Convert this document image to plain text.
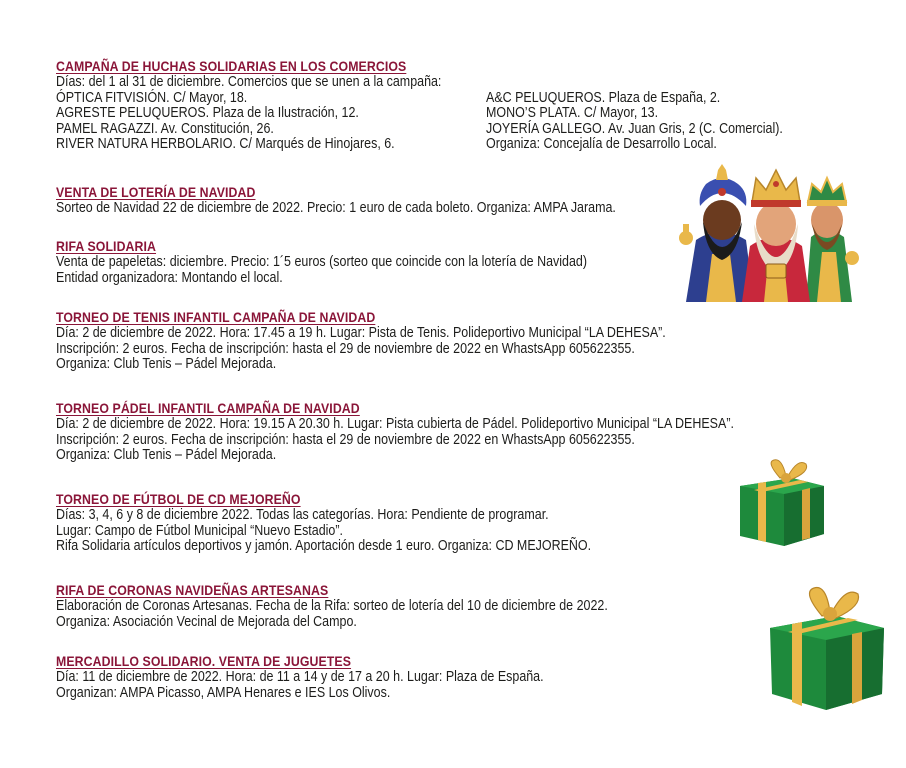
CAMPAÑA DE HUCHAS SOLIDARIAS EN LOS COMERCIOS
Días: del 1 al 31 de diciembre. Comercios que se unen a la campaña:
ÓPTICA FITVISIÓN. C/ Mayor, 18.
AGRESTE PELUQUEROS. Plaza de la Ilustración, 12.
PAMEL RAGAZZI. Av. Constitución, 26.
RIVER NATURA HERBOLARIO. C/ Marqués de Hinojares, 6.
A&C PELUQUEROS. Plaza de España, 2.
MONO’S PLATA. C/ Mayor, 13.
JOYERÍA GALLEGO. Av. Juan Gris, 2 (C. Comercial).
Organiza: Concejalía de Desarrollo Local.
VENTA DE LOTERÍA DE NAVIDAD
Sorteo de Navidad 22 de diciembre de 2022. Precio: 1 euro de cada boleto. Organiza: AMPA Jarama.
RIFA SOLIDARIA
Venta de papeletas: diciembre. Precio: 1´5 euros (sorteo que coincide con la lotería de Navidad)
Entidad organizadora: Montando el local.
TORNEO DE TENIS INFANTIL CAMPAÑA DE NAVIDAD
Día: 2 de diciembre de 2022. Hora: 17.45 a 19 h. Lugar: Pista de Tenis. Polideportivo Municipal “LA DEHESA”.
Inscripción: 2 euros. Fecha de inscripción: hasta el 29 de noviembre de 2022 en WhastsApp 605622355.
Organiza: Club Tenis – Pádel Mejorada.
TORNEO PÁDEL INFANTIL CAMPAÑA DE NAVIDAD
Día: 2 de diciembre de 2022. Hora: 19.15 A 20.30 h. Lugar: Pista cubierta de Pádel. Polideportivo Municipal “LA DEHESA”.
Inscripción: 2 euros. Fecha de inscripción: hasta el 29 de noviembre de 2022 en WhastsApp 605622355.
Organiza: Club Tenis – Pádel Mejorada.
TORNEO DE FÚTBOL DE CD MEJOREÑO
Días: 3, 4, 6 y 8 de diciembre 2022. Todas las categorías. Hora: Pendiente de programar.
Lugar: Campo de Fútbol Municipal “Nuevo Estadio”.
Rifa Solidaria artículos deportivos y jamón. Aportación desde 1 euro. Organiza: CD MEJOREÑO.
RIFA DE CORONAS NAVIDEÑAS ARTESANAS
Elaboración de Coronas Artesanas. Fecha de la Rifa: sorteo de lotería del 10 de diciembre de 2022.
Organiza: Asociación Vecinal de Mejorada del Campo.
MERCADILLO SOLIDARIO. VENTA DE JUGUETES
Día: 11 de diciembre de 2022. Hora: de 11 a 14 y de 17 a 20 h. Lugar: Plaza de España.
Organizan: AMPA Picasso, AMPA Henares e IES Los Olivos.
